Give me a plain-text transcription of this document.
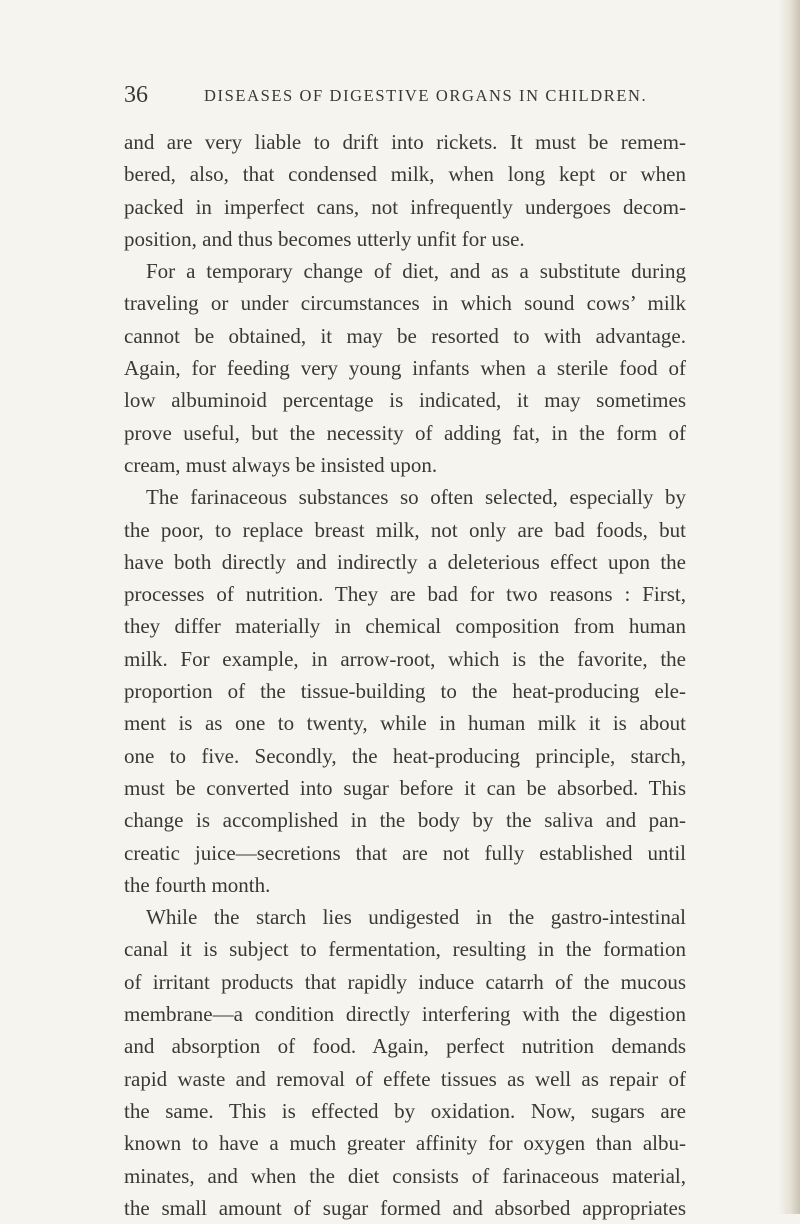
36	DISEASES OF DIGESTIVE ORGANS IN CHILDREN.
and are very liable to drift into rickets. It must be remem-
bered, also, that condensed milk, when long kept or when
packed in imperfect cans, not infrequently undergoes decom-
position, and thus becomes utterly unfit for use.
For a temporary change of diet, and as a substitute during
traveling or under circumstances in which sound cows’ milk
cannot be obtained, it may be resorted to with advantage.
Again, for feeding very young infants when a sterile food of
low albuminoid percentage is indicated, it may sometimes
prove useful, but the necessity of adding fat, in the form of
cream, must always be insisted upon.
The farinaceous substances so often selected, especially by
the poor, to replace breast milk, not only are bad foods, but
have both directly and indirectly a deleterious effect upon the
processes of nutrition. They are bad for two reasons : First,
they differ materially in chemical composition from human
milk. For example, in arrow-root, which is the favorite, the
proportion of the tissue-building to the heat-producing ele-
ment is as one to twenty, while in human milk it is about
one to five. Secondly, the heat-producing principle, starch,
must be converted into sugar before it can be absorbed. This
change is accomplished in the body by the saliva and pan-
creatic juice—secretions that are not fully established until
the fourth month.
While the starch lies undigested in the gastro-intestinal
canal it is subject to fermentation, resulting in the formation
of irritant products that rapidly induce catarrh of the mucous
membrane—a condition directly interfering with the digestion
and absorption of food. Again, perfect nutrition demands
rapid waste and removal of effete tissues as well as repair of
the same. This is effected by oxidation. Now, sugars are
known to have a much greater affinity for oxygen than albu-
minates, and when the diet consists of farinaceous material,
the small amount of sugar formed and absorbed appropriates
